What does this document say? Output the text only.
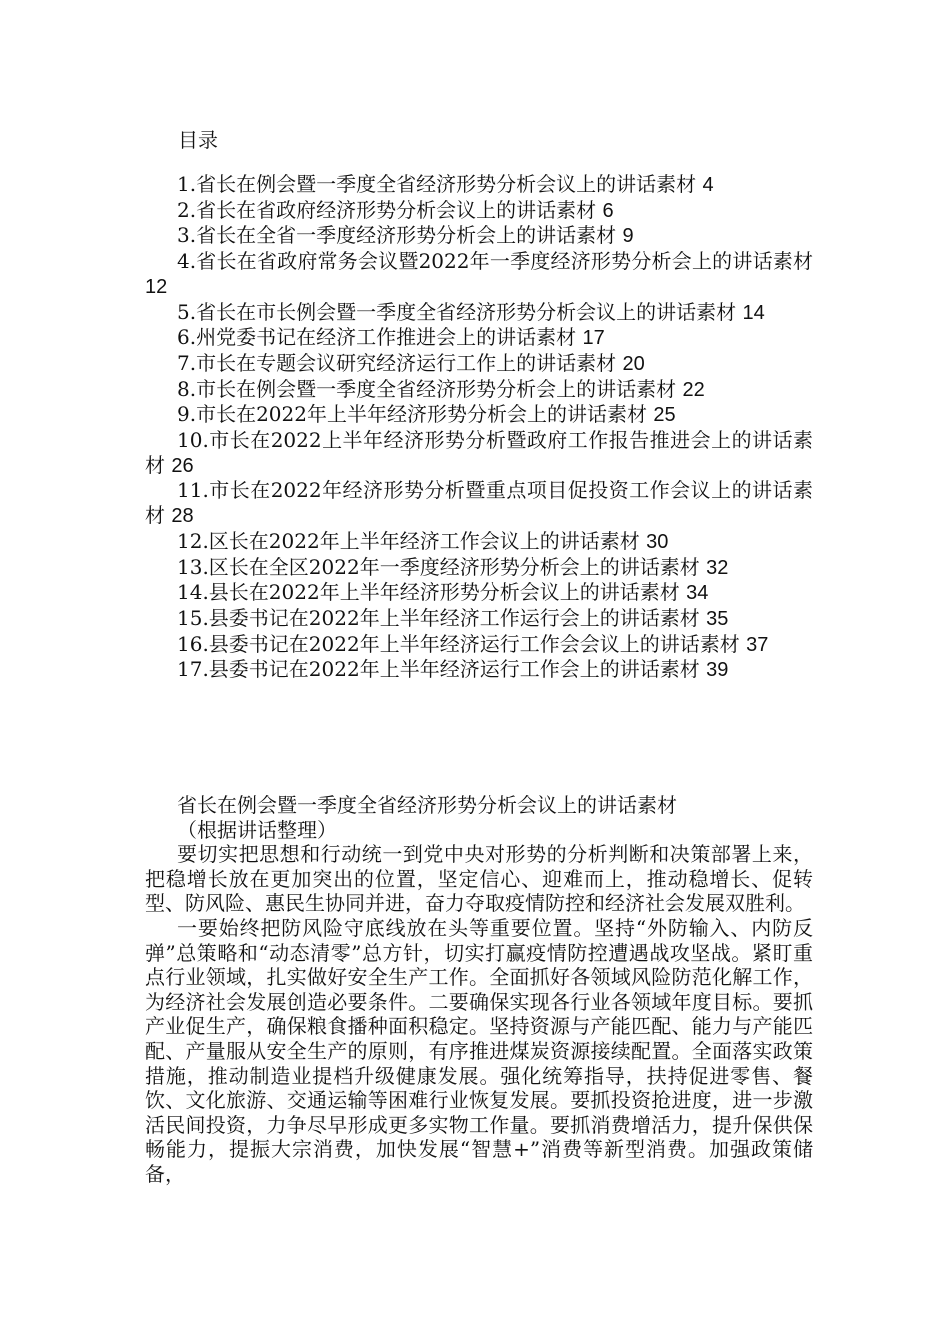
目录
1.省长在例会暨一季度全省经济形势分析会议上的讲话素材 4
2.省长在省政府经济形势分析会议上的讲话素材 6
3.省长在全省一季度经济形势分析会上的讲话素材 9
4.省长在省政府常务会议暨2022年一季度经济形势分析会上的讲话素材 12
5.省长在市长例会暨一季度全省经济形势分析会议上的讲话素材 14
6.州党委书记在经济工作推进会上的讲话素材 17
7.市长在专题会议研究经济运行工作上的讲话素材 20
8.市长在例会暨一季度全省经济形势分析会上的讲话素材 22
9.市长在2022年上半年经济形势分析会上的讲话素材 25
10.市长在2022上半年经济形势分析暨政府工作报告推进会上的讲话素材 26
11.市长在2022年经济形势分析暨重点项目促投资工作会议上的讲话素材 28
12.区长在2022年上半年经济工作会议上的讲话素材 30
13.区长在全区2022年一季度经济形势分析会上的讲话素材 32
14.县长在2022年上半年经济形势分析会议上的讲话素材 34
15.县委书记在2022年上半年经济工作运行会上的讲话素材 35
16.县委书记在2022年上半年经济运行工作会会议上的讲话素材 37
17.县委书记在2022年上半年经济运行工作会上的讲话素材 39
省长在例会暨一季度全省经济形势分析会议上的讲话素材（根据讲话整理）

要切实把思想和行动统一到党中央对形势的分析判断和决策部署上来，把稳增长放在更加突出的位置，坚定信心、迎难而上，推动稳增长、促转型、防风险、惠民生协同并进，奋力夺取疫情防控和经济社会发展双胜利。

一要始终把防风险守底线放在头等重要位置。坚持“外防输入、内防反弹”总策略和“动态清零”总方针，切实打赢疫情防控遭遇战攻坚战。紧盯重点行业领域，扎实做好安全生产工作。全面抓好各领域风险防范化解工作，为经济社会发展创造必要条件。二要确保实现各行业各领域年度目标。要抓产业促生产，确保粮食播种面积稳定。坚持资源与产能匹配、能力与产能匹配、产量服从安全生产的原则，有序推进煤炭资源接续配置。全面落实政策措施，推动制造业提档升级健康发展。强化统筹指导，扶持促进零售、餐饮、文化旅游、交通运输等困难行业恢复发展。要抓投资抢进度，进一步激活民间投资，力争尽早形成更多实物工作量。要抓消费增活力，提升保供保畅能力，提振大宗消费，加快发展“智慧+”消费等新型消费。加强政策储备，
